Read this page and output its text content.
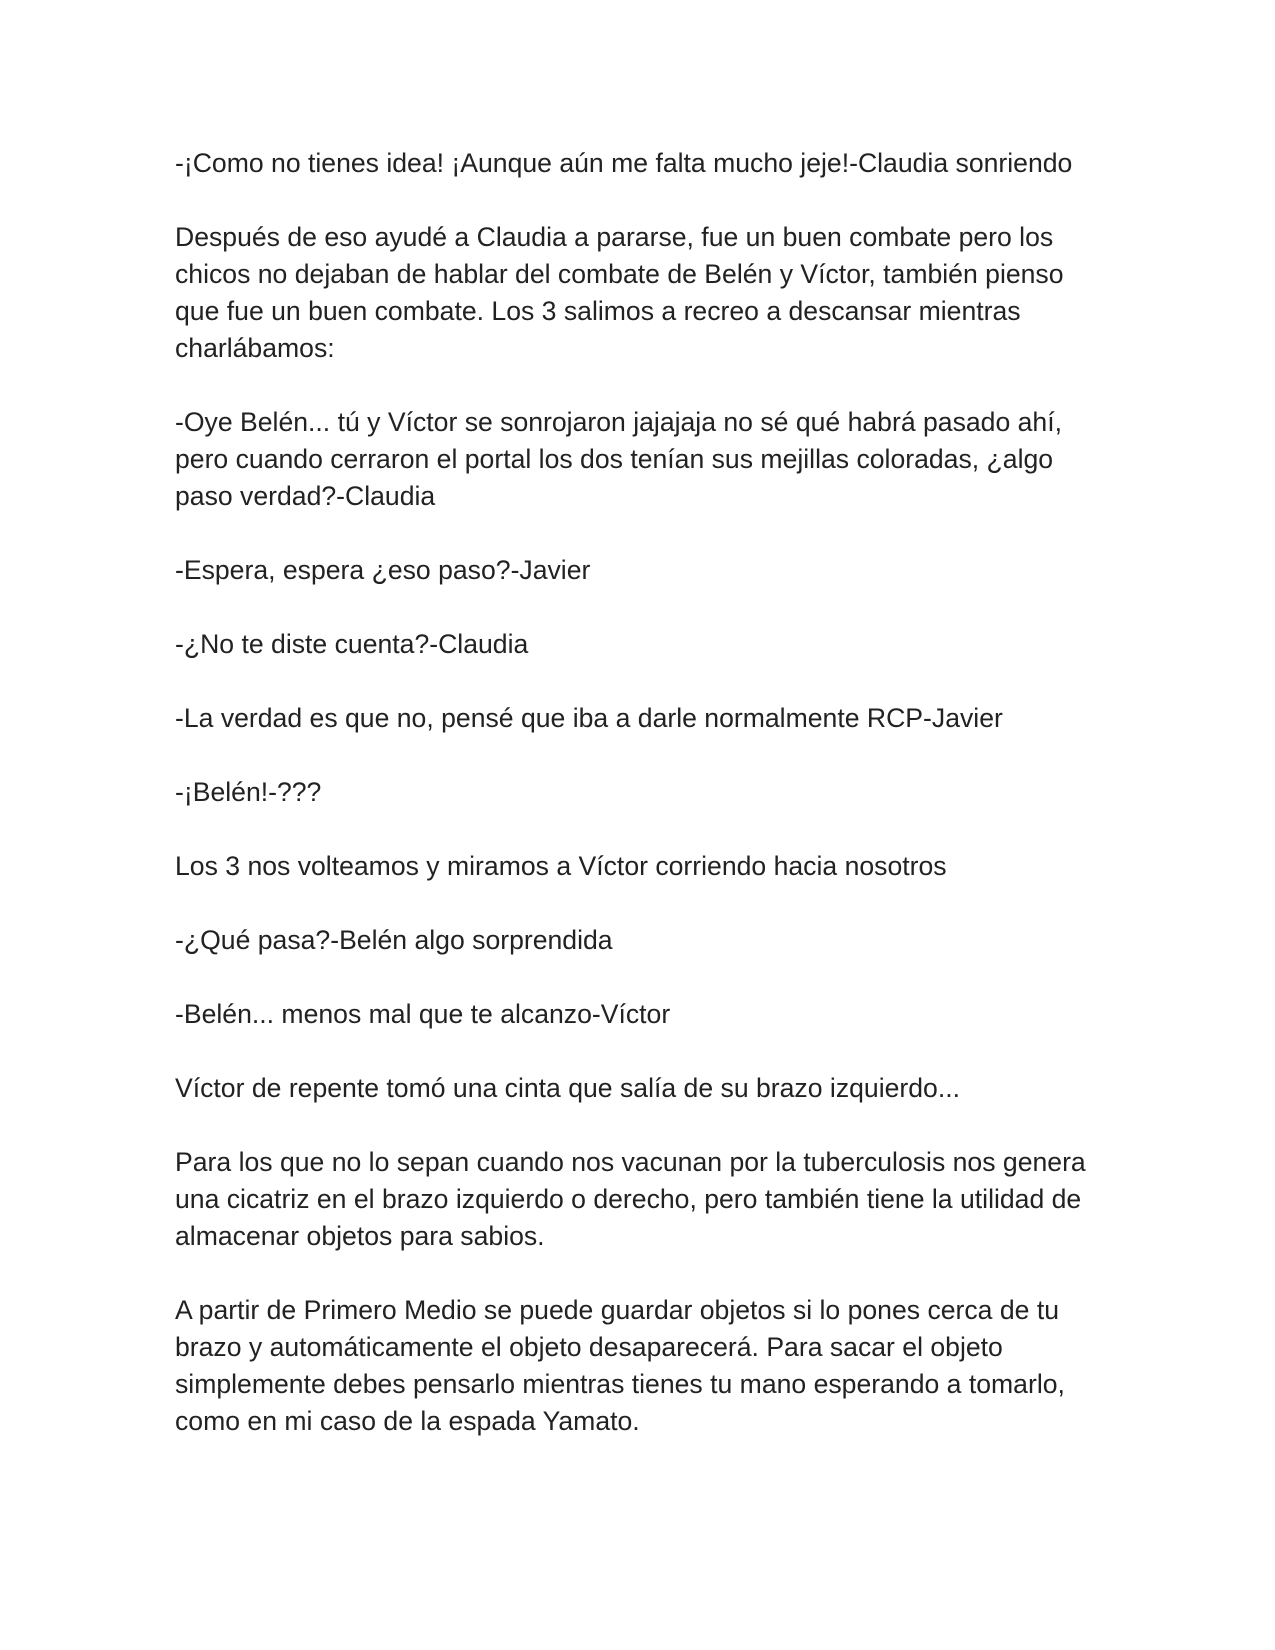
-¡Como no tienes idea! ¡Aunque aún me falta mucho jeje!-Claudia sonriendo

Después de eso ayudé a Claudia a pararse, fue un buen combate pero los chicos no dejaban de hablar del combate de Belén y Víctor, también pienso que fue un buen combate. Los 3 salimos a recreo a descansar mientras charlábamos:

-Oye Belén... tú y Víctor se sonrojaron jajajaja no sé qué habrá pasado ahí, pero cuando cerraron el portal los dos tenían sus mejillas coloradas, ¿algo paso verdad?-Claudia

-Espera, espera ¿eso paso?-Javier

-¿No te diste cuenta?-Claudia

-La verdad es que no, pensé que iba a darle normalmente RCP-Javier

-¡Belén!-???

Los 3 nos volteamos y miramos a Víctor corriendo hacia nosotros

-¿Qué pasa?-Belén algo sorprendida

-Belén... menos mal que te alcanzo-Víctor

Víctor de repente tomó una cinta que salía de su brazo izquierdo...

Para los que no lo sepan cuando nos vacunan por la tuberculosis nos genera una cicatriz en el brazo izquierdo o derecho, pero también tiene la utilidad de almacenar objetos para sabios.

A partir de Primero Medio se puede guardar objetos si lo pones cerca de tu brazo y automáticamente el objeto desaparecerá. Para sacar el objeto simplemente debes pensarlo mientras tienes tu mano esperando a tomarlo, como en mi caso de la espada Yamato.
